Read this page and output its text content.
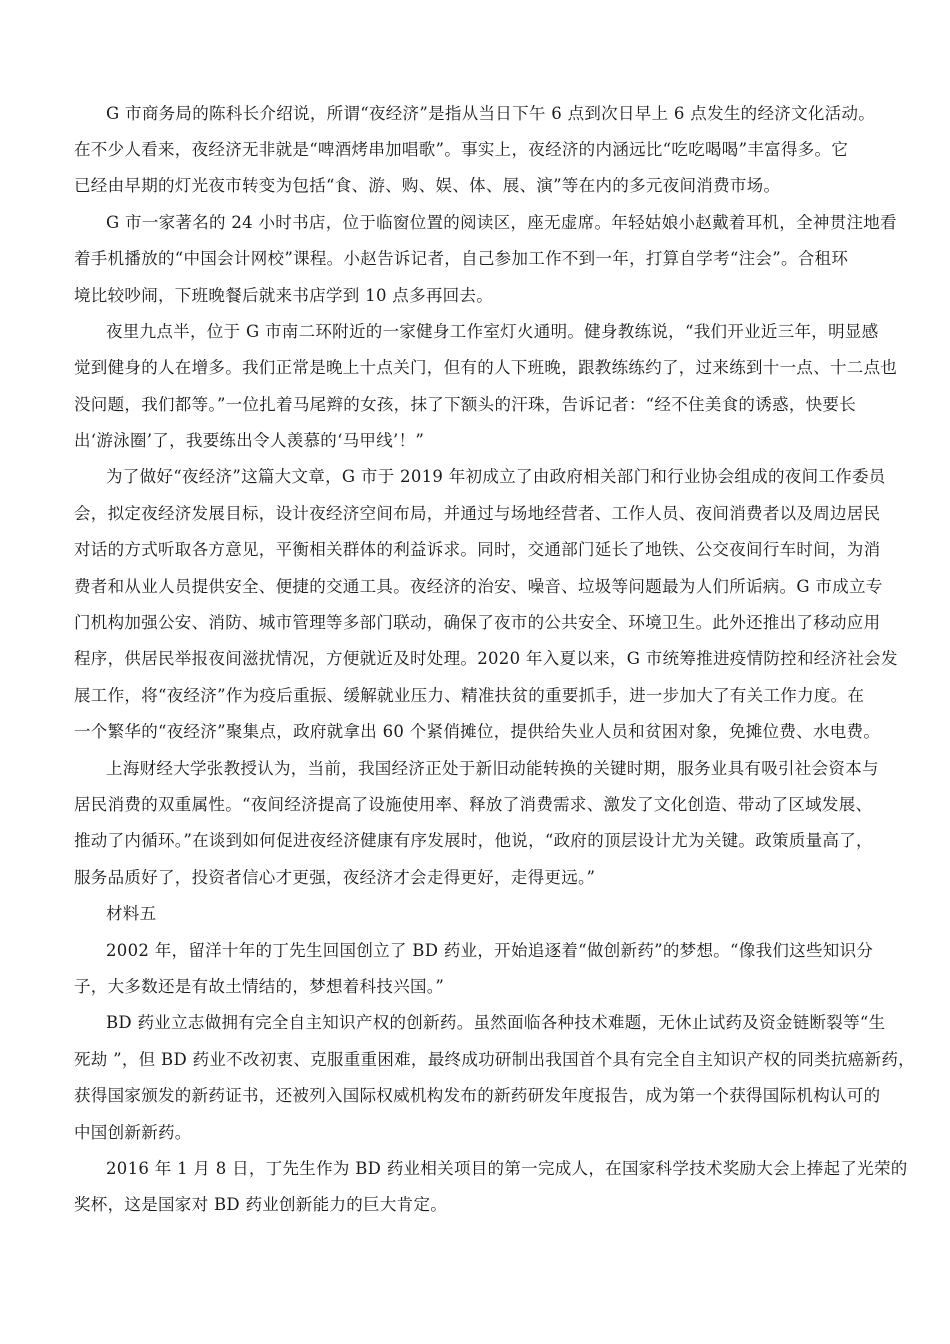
G 市商务局的陈科长介绍说，所谓“夜经济”是指从当日下午 6 点到次日早上 6 点发生的经济文化活动。
在不少人看来，夜经济无非就是“啤酒烤串加唱歌”。事实上，夜经济的内涵远比“吃吃喝喝”丰富得多。它
已经由早期的灯光夜市转变为包括“食、游、购、娱、体、展、演”等在内的多元夜间消费市场。
G 市一家著名的 24 小时书店，位于临窗位置的阅读区，座无虚席。年轻姑娘小赵戴着耳机，全神贯注地看
着手机播放的“中国会计网校”课程。小赵告诉记者，自己参加工作不到一年，打算自学考“注会”。合租环
境比较吵闹，下班晚餐后就来书店学到 10 点多再回去。
夜里九点半，位于 G 市南二环附近的一家健身工作室灯火通明。健身教练说，“我们开业近三年，明显感
觉到健身的人在增多。我们正常是晚上十点关门，但有的人下班晚，跟教练练约了，过来练到十一点、十二点也
没问题，我们都等。”一位扎着马尾辫的女孩，抹了下额头的汗珠，告诉记者：“经不住美食的诱惑，快要长
出‘游泳圈’了，我要练出令人羡慕的‘马甲线’！”
为了做好“夜经济”这篇大文章，G 市于 2019 年初成立了由政府相关部门和行业协会组成的夜间工作委员
会，拟定夜经济发展目标，设计夜经济空间布局，并通过与场地经营者、工作人员、夜间消费者以及周边居民
对话的方式听取各方意见，平衡相关群体的利益诉求。同时，交通部门延长了地铁、公交夜间行车时间，为消
费者和从业人员提供安全、便捷的交通工具。夜经济的治安、噪音、垃圾等问题最为人们所诟病。G 市成立专
门机构加强公安、消防、城市管理等多部门联动，确保了夜市的公共安全、环境卫生。此外还推出了移动应用
程序，供居民举报夜间滋扰情况，方便就近及时处理。2020 年入夏以来，G 市统筹推进疫情防控和经济社会发
展工作，将“夜经济”作为疫后重振、缓解就业压力、精准扶贫的重要抓手，进一步加大了有关工作力度。在
一个繁华的“夜经济”聚集点，政府就拿出 60 个紧俏摊位，提供给失业人员和贫困对象，免摊位费、水电费。
上海财经大学张教授认为，当前，我国经济正处于新旧动能转换的关键时期，服务业具有吸引社会资本与
居民消费的双重属性。“夜间经济提高了设施使用率、释放了消费需求、激发了文化创造、带动了区域发展、
推动了内循环。”在谈到如何促进夜经济健康有序发展时，他说，“政府的顶层设计尤为关键。政策质量高了，
服务品质好了，投资者信心才更强，夜经济才会走得更好，走得更远。”
材料五
2002 年，留洋十年的丁先生回国创立了 BD 药业，开始追逐着“做创新药”的梦想。“像我们这些知识分
子，大多数还是有故土情结的，梦想着科技兴国。”
BD 药业立志做拥有完全自主知识产权的创新药。虽然面临各种技术难题，无休止试药及资金链断裂等“生
死劫 ”，但 BD 药业不改初衷、克服重重困难，最终成功研制出我国首个具有完全自主知识产权的同类抗癌新药，
获得国家颁发的新药证书，还被列入国际权威机构发布的新药研发年度报告，成为第一个获得国际机构认可的
中国创新新药。
2016 年 1 月 8 日，丁先生作为 BD 药业相关项目的第一完成人，在国家科学技术奖励大会上捧起了光荣的
奖杯，这是国家对 BD 药业创新能力的巨大肯定。
